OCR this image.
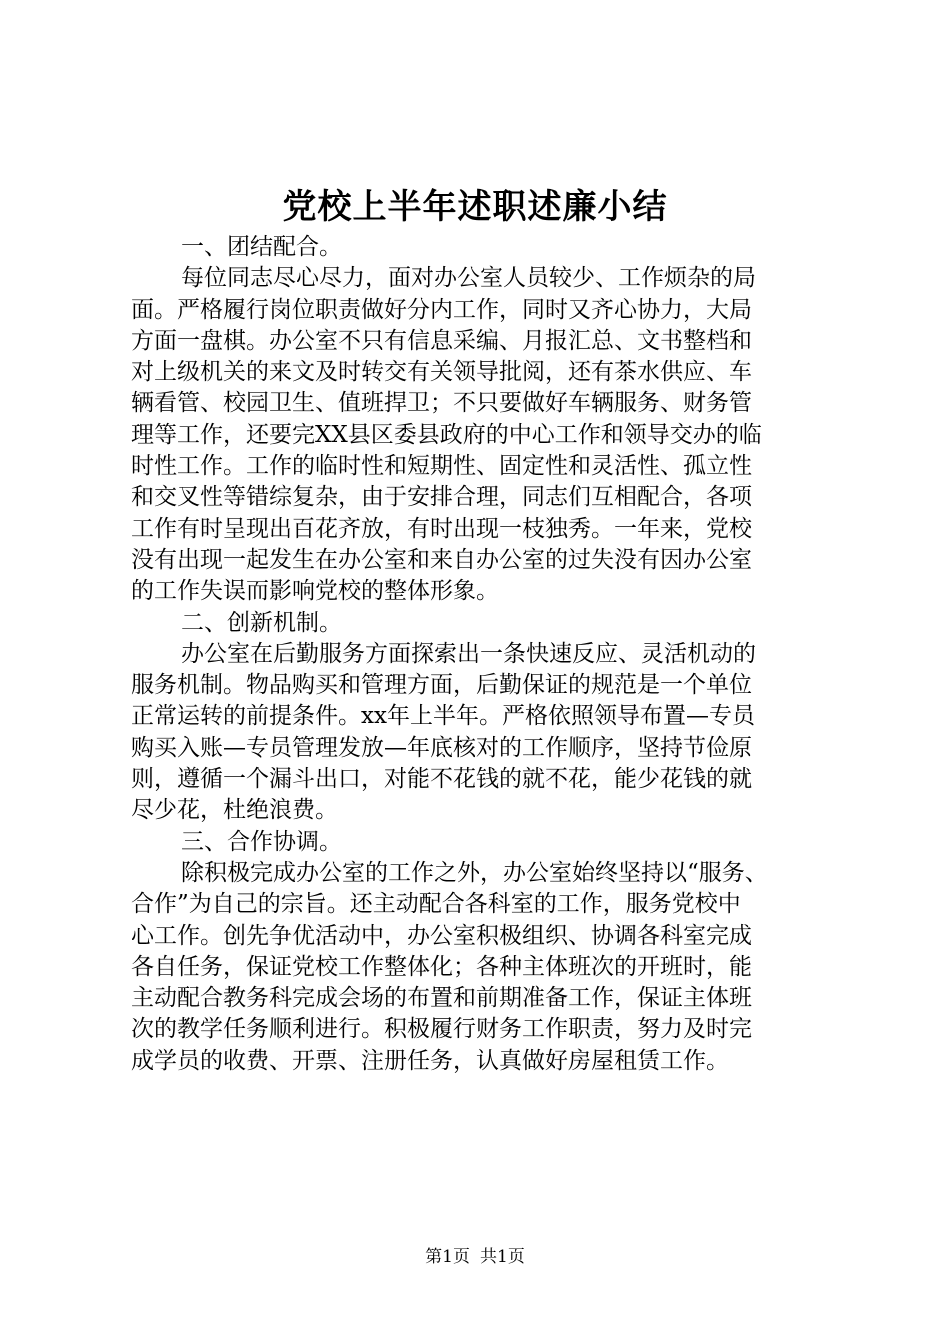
党校上半年述职述廉小结
一、团结配合。
每位同志尽心尽力，面对办公室人员较少、工作烦杂的局
面。严格履行岗位职责做好分内工作，同时又齐心协力，大局
方面一盘棋。办公室不只有信息采编、月报汇总、文书整档和
对上级机关的来文及时转交有关领导批阅，还有茶水供应、车
辆看管、校园卫生、值班捍卫；不只要做好车辆服务、财务管
理等工作，还要完XX县区委县政府的中心工作和领导交办的临
时性工作。工作的临时性和短期性、固定性和灵活性、孤立性
和交叉性等错综复杂，由于安排合理，同志们互相配合，各项
工作有时呈现出百花齐放，有时出现一枝独秀。一年来，党校
没有出现一起发生在办公室和来自办公室的过失没有因办公室
的工作失误而影响党校的整体形象。
二、创新机制。
办公室在后勤服务方面探索出一条快速反应、灵活机动的
服务机制。物品购买和管理方面，后勤保证的规范是一个单位
正常运转的前提条件。xx年上半年。严格依照领导布置—专员
购买入账—专员管理发放—年底核对的工作顺序，坚持节俭原
则，遵循一个漏斗出口，对能不花钱的就不花，能少花钱的就
尽少花，杜绝浪费。
三、合作协调。
除积极完成办公室的工作之外，办公室始终坚持以“服务、
合作”为自己的宗旨。还主动配合各科室的工作，服务党校中
心工作。创先争优活动中，办公室积极组织、协调各科室完成
各自任务，保证党校工作整体化；各种主体班次的开班时，能
主动配合教务科完成会场的布置和前期准备工作，保证主体班
次的教学任务顺利进行。积极履行财务工作职责，努力及时完
成学员的收费、开票、注册任务，认真做好房屋租赁工作。
第1页 共1页
